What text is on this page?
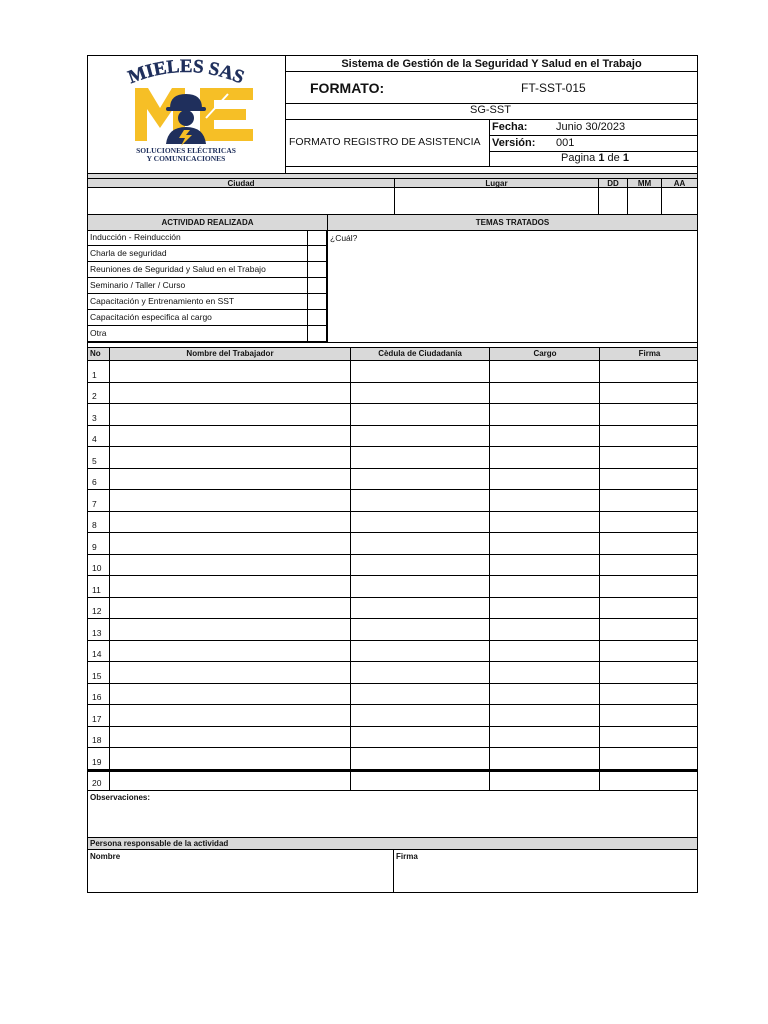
MIELES SAS
SOLUCIONES ELÉCTRICAS
Y COMUNICACIONES
Sistema de Gestión de la Seguridad Y Salud en el Trabajo
FORMATO:	FT-SST-015
SG-SST
FORMATO REGISTRO DE ASISTENCIA
Fecha:	Junio 30/2023
Versión: 001
Pagina 1 de 1
Ciudad	Lugar	DD	MM	AA
ACTIVIDAD REALIZADA	TEMAS TRATADOS
Inducción - Reinducción
Charla de seguridad
Reuniones de Seguridad y Salud en el Trabajo
Seminario / Taller / Curso
Capacitación y Entrenamiento en SST
Capacitación especifica al cargo
Otra
¿Cuál?
No	Nombre del Trabajador	Cèdula de Ciudadanía	Cargo	Firma
1
2
3
4
5
6
7
8
9
10
11
12
13
14
15
16
17
18
19
20
Observaciones:
Persona responsable de la actividad
Nombre	Firma
